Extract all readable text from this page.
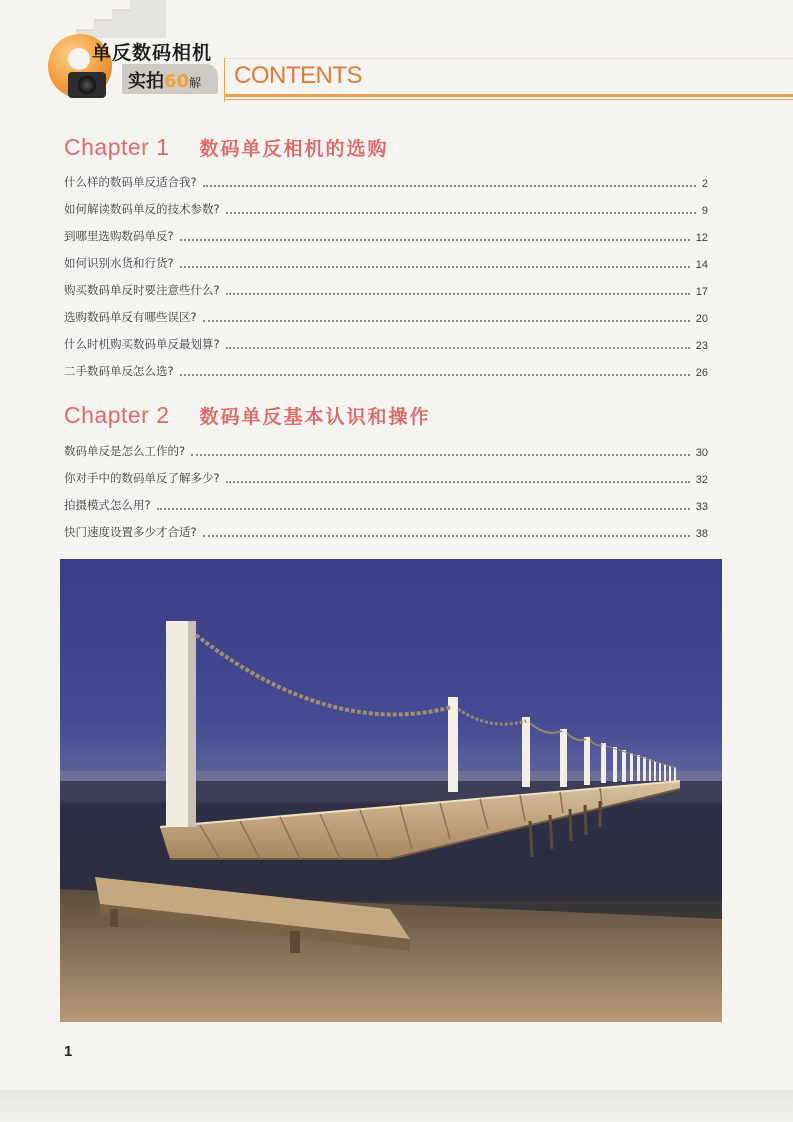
单反数码相机
实拍60解 CONTENTS
Chapter 1 数码单反相机的选购
什么样的数码单反适合我?	2
如何解读数码单反的技术参数?	9
到哪里选购数码单反?	12
如何识别水货和行货?	14
购买数码单反时要注意些什么?	17
选购数码单反有哪些误区?	20
什么时机购买数码单反最划算?	23
二手数码单反怎么选?	26
Chapter 2 数码单反基本认识和操作
数码单反是怎么工作的?	30
你对手中的数码单反了解多少?	32
拍摄模式怎么用?	33
快门速度设置多少才合适?	38
1
